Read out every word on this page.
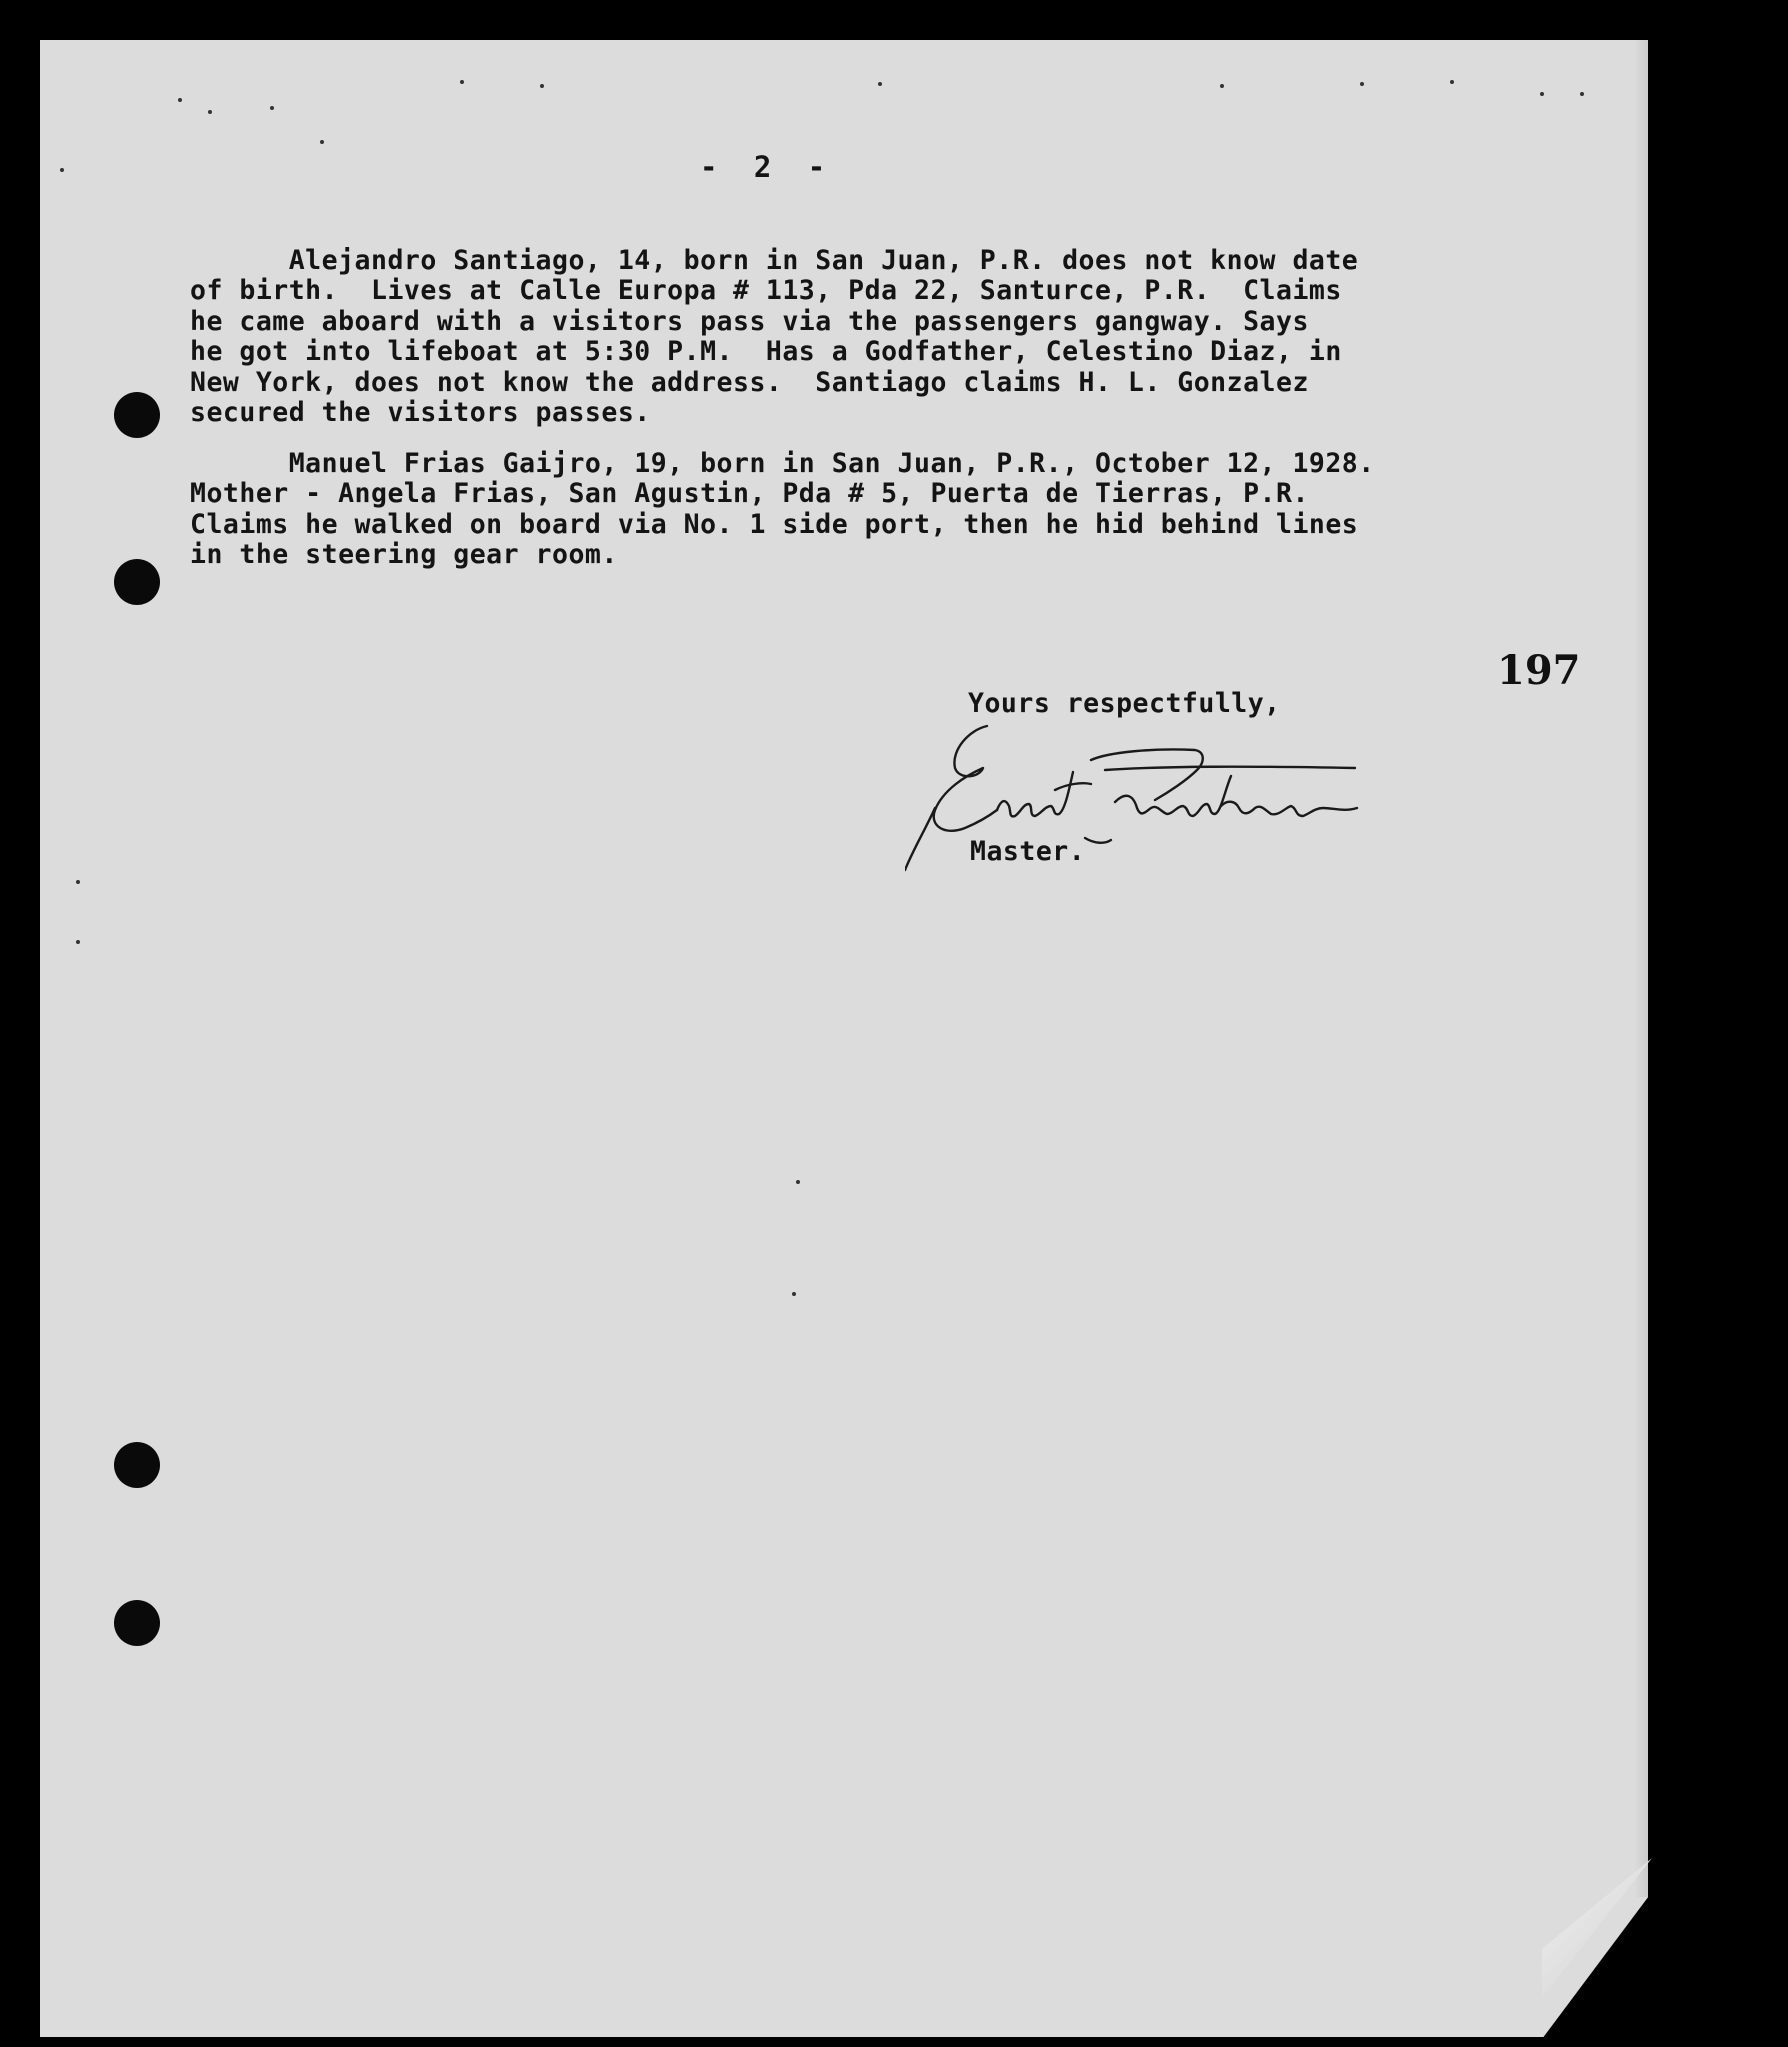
-  2  -
Alejandro Santiago, 14, born in San Juan, P.R. does not know date
of birth.  Lives at Calle Europa # 113, Pda 22, Santurce, P.R.  Claims
he came aboard with a visitors pass via the passengers gangway. Says
he got into lifeboat at 5:30 P.M.  Has a Godfather, Celestino Diaz, in
New York, does not know the address.  Santiago claims H. L. Gonzalez
secured the visitors passes.
Manuel Frias Gaijro, 19, born in San Juan, P.R., October 12, 1928.
Mother - Angela Frias, San Agustin, Pda # 5, Puerta de Tierras, P.R.
Claims he walked on board via No. 1 side port, then he hid behind lines
in the steering gear room.
197
Yours respectfully,
Master.
